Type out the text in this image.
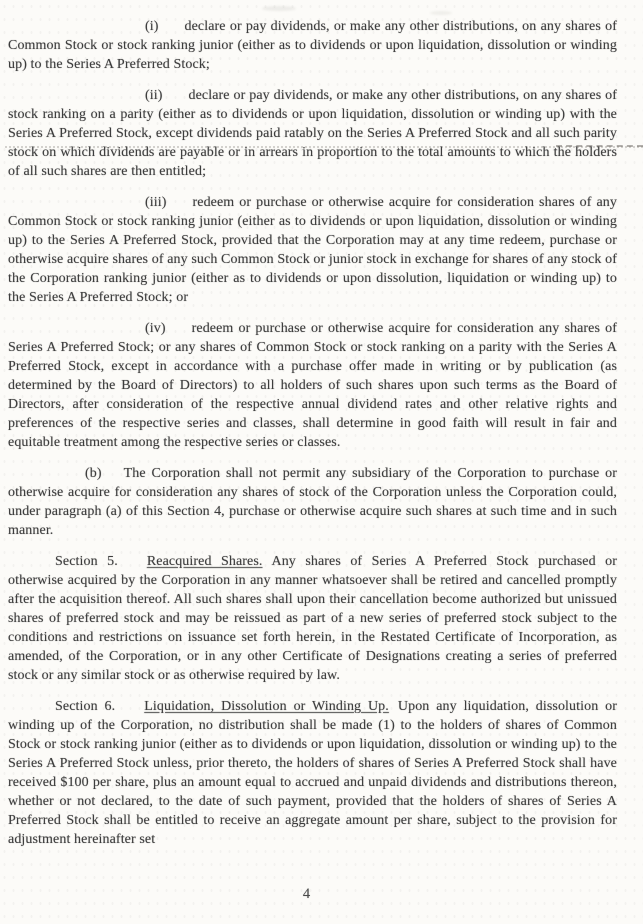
(i) declare or pay dividends, or make any other distributions, on any shares of Common Stock or stock ranking junior (either as to dividends or upon liquidation, dissolution or winding up) to the Series A Preferred Stock;

(ii) declare or pay dividends, or make any other distributions, on any shares of stock ranking on a parity (either as to dividends or upon liquidation, dissolution or winding up) with the Series A Preferred Stock, except dividends paid ratably on the Series A Preferred Stock and all such parity stock on which dividends are payable or in arrears in proportion to the total amounts to which the holders of all such shares are then entitled;

(iii) redeem or purchase or otherwise acquire for consideration shares of any Common Stock or stock ranking junior (either as to dividends or upon liquidation, dissolution or winding up) to the Series A Preferred Stock, provided that the Corporation may at any time redeem, purchase or otherwise acquire shares of any such Common Stock or junior stock in exchange for shares of any stock of the Corporation ranking junior (either as to dividends or upon dissolution, liquidation or winding up) to the Series A Preferred Stock; or

(iv) redeem or purchase or otherwise acquire for consideration any shares of Series A Preferred Stock; or any shares of Common Stock or stock ranking on a parity with the Series A Preferred Stock, except in accordance with a purchase offer made in writing or by publication (as determined by the Board of Directors) to all holders of such shares upon such terms as the Board of Directors, after consideration of the respective annual dividend rates and other relative rights and preferences of the respective series and classes, shall determine in good faith will result in fair and equitable treatment among the respective series or classes.

(b) The Corporation shall not permit any subsidiary of the Corporation to purchase or otherwise acquire for consideration any shares of stock of the Corporation unless the Corporation could, under paragraph (a) of this Section 4, purchase or otherwise acquire such shares at such time and in such manner.

Section 5. Reacquired Shares. Any shares of Series A Preferred Stock purchased or otherwise acquired by the Corporation in any manner whatsoever shall be retired and cancelled promptly after the acquisition thereof. All such shares shall upon their cancellation become authorized but unissued shares of preferred stock and may be reissued as part of a new series of preferred stock subject to the conditions and restrictions on issuance set forth herein, in the Restated Certificate of Incorporation, as amended, of the Corporation, or in any other Certificate of Designations creating a series of preferred stock or any similar stock or as otherwise required by law.

Section 6. Liquidation, Dissolution or Winding Up. Upon any liquidation, dissolution or winding up of the Corporation, no distribution shall be made (1) to the holders of shares of Common Stock or stock ranking junior (either as to dividends or upon liquidation, dissolution or winding up) to the Series A Preferred Stock unless, prior thereto, the holders of shares of Series A Preferred Stock shall have received $100 per share, plus an amount equal to accrued and unpaid dividends and distributions thereon, whether or not declared, to the date of such payment, provided that the holders of shares of Series A Preferred Stock shall be entitled to receive an aggregate amount per share, subject to the provision for adjustment hereinafter set

4
